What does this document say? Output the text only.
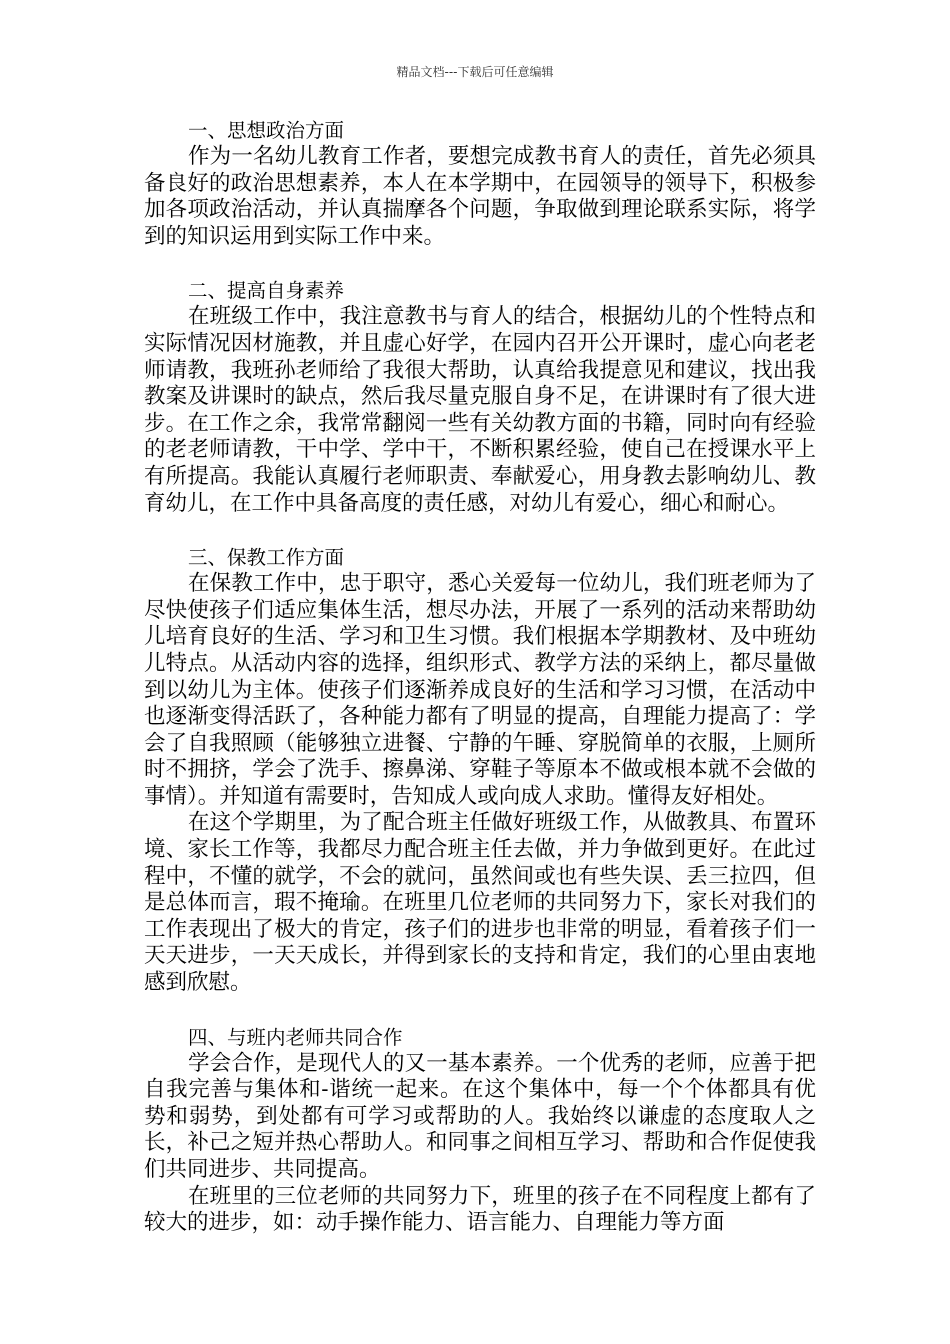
精品文档---下载后可任意编辑
一、思想政治方面

作为一名幼儿教育工作者，要想完成教书育人的责任，首先必须具备良好的政治思想素养，本人在本学期中，在园领导的领导下，积极参加各项政治活动，并认真揣摩各个问题，争取做到理论联系实际，将学到的知识运用到实际工作中来。

二、提高自身素养

在班级工作中，我注意教书与育人的结合，根据幼儿的个性特点和实际情况因材施教，并且虚心好学，在园内召开公开课时，虚心向老老师请教，我班孙老师给了我很大帮助，认真给我提意见和建议，找出我教案及讲课时的缺点，然后我尽量克服自身不足，在讲课时有了很大进步。在工作之余，我常常翻阅一些有关幼教方面的书籍，同时向有经验的老老师请教，干中学、学中干，不断积累经验，使自己在授课水平上有所提高。我能认真履行老师职责、奉献爱心，用身教去影响幼儿、教育幼儿，在工作中具备高度的责任感，对幼儿有爱心，细心和耐心。

三、保教工作方面

在保教工作中，忠于职守，悉心关爱每一位幼儿，我们班老师为了尽快使孩子们适应集体生活，想尽办法，开展了一系列的活动来帮助幼儿培育良好的生活、学习和卫生习惯。我们根据本学期教材、及中班幼儿特点。从活动内容的选择，组织形式、教学方法的采纳上，都尽量做到以幼儿为主体。使孩子们逐渐养成良好的生活和学习习惯，在活动中也逐渐变得活跃了，各种能力都有了明显的提高，自理能力提高了：学会了自我照顾（能够独立进餐、宁静的午睡、穿脱简单的衣服，上厕所时不拥挤，学会了洗手、擦鼻涕、穿鞋子等原本不做或根本就不会做的事情）。并知道有需要时，告知成人或向成人求助。懂得友好相处。

在这个学期里，为了配合班主任做好班级工作，从做教具、布置环境、家长工作等，我都尽力配合班主任去做，并力争做到更好。在此过程中，不懂的就学，不会的就问，虽然间或也有些失误、丢三拉四，但是总体而言，瑕不掩瑜。在班里几位老师的共同努力下，家长对我们的工作表现出了极大的肯定，孩子们的进步也非常的明显，看着孩子们一天天进步，一天天成长，并得到家长的支持和肯定，我们的心里由衷地感到欣慰。

四、与班内老师共同合作

学会合作，是现代人的又一基本素养。一个优秀的老师，应善于把自我完善与集体和-谐统一起来。在这个集体中，每一个个体都具有优势和弱势，到处都有可学习或帮助的人。我始终以谦虚的态度取人之长，补己之短并热心帮助人。和同事之间相互学习、帮助和合作促使我们共同进步、共同提高。

在班里的三位老师的共同努力下，班里的孩子在不同程度上都有了较大的进步，如：动手操作能力、语言能力、自理能力等方面
